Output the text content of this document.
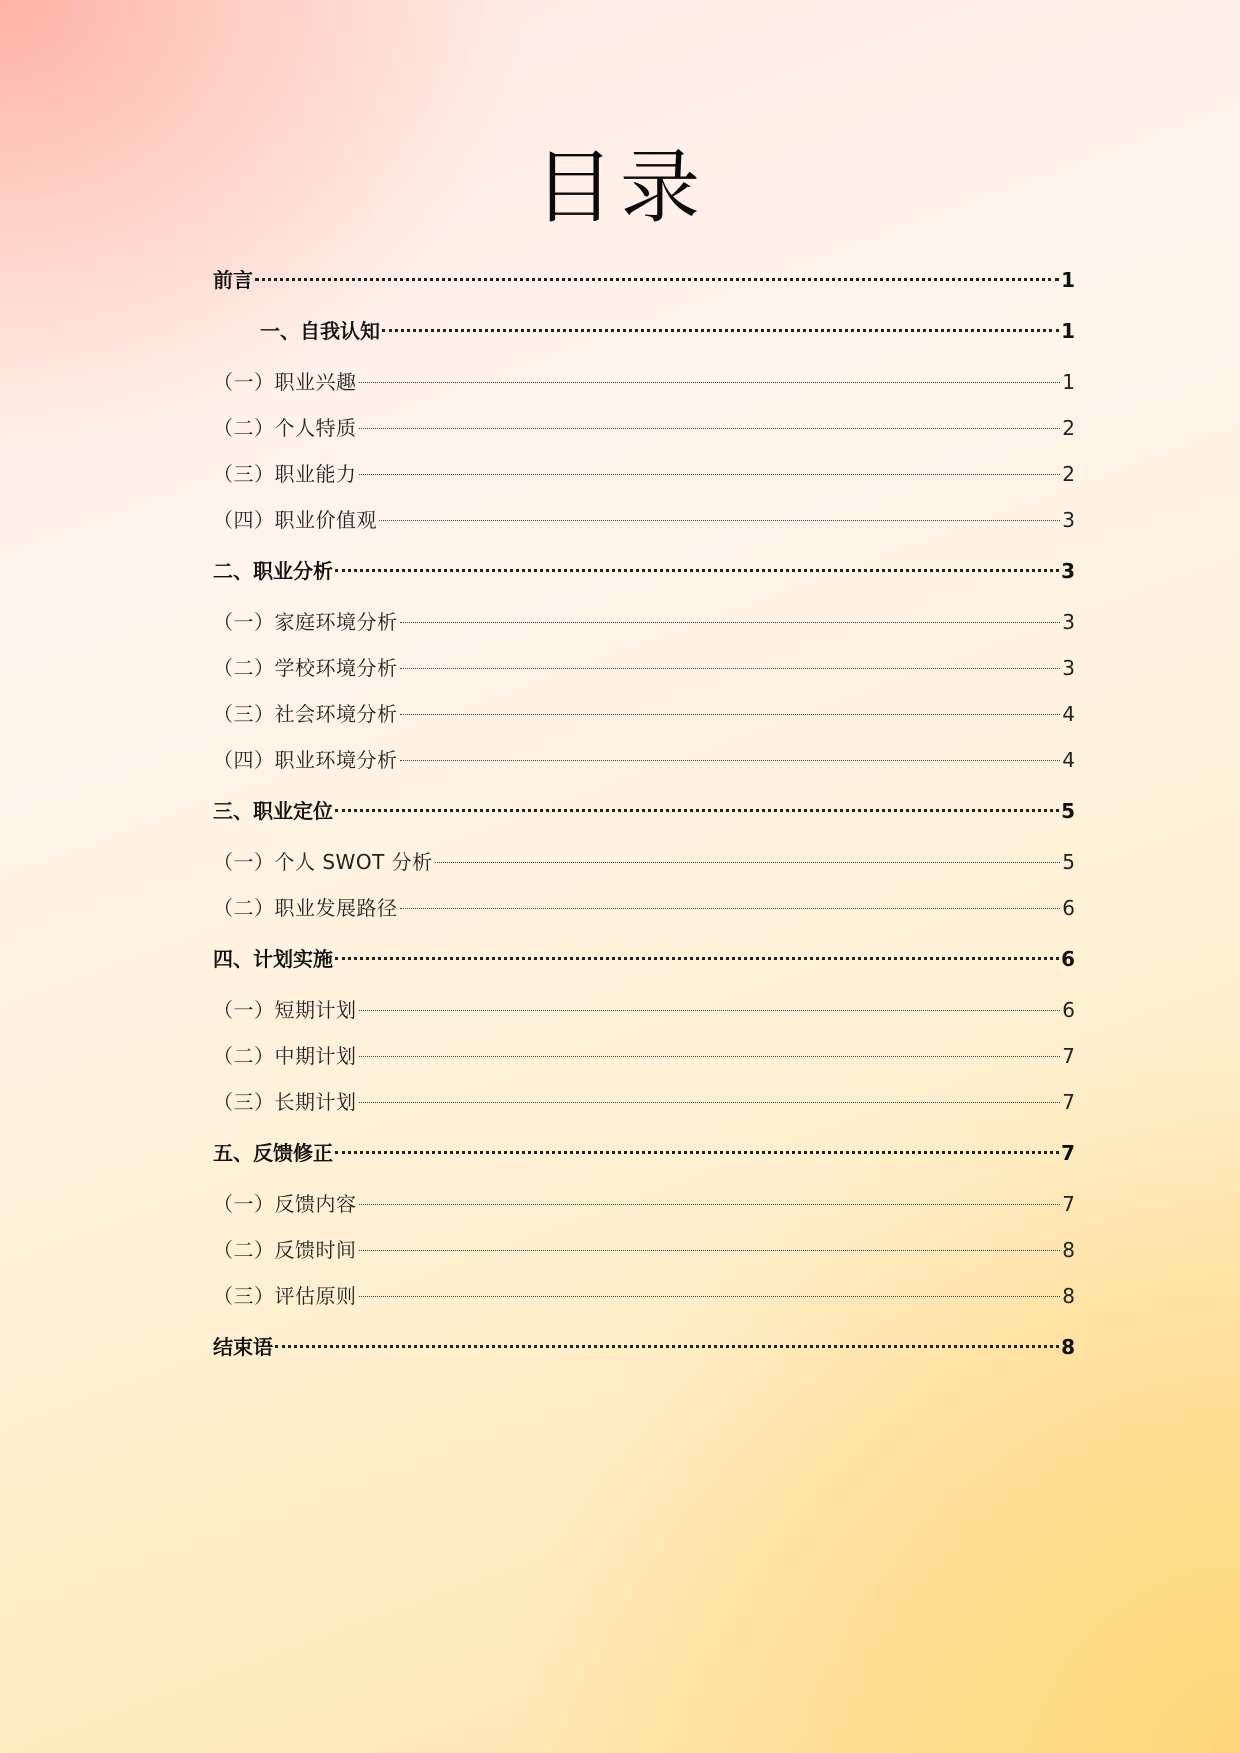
目录
前言	1
一、自我认知	1
（一）职业兴趣	1
（二）个人特质	2
（三）职业能力	2
（四）职业价值观	3
二、职业分析	3
（一）家庭环境分析	3
（二）学校环境分析	3
（三）社会环境分析	4
（四）职业环境分析	4
三、职业定位	5
（一）个人 SWOT 分析	5
（二）职业发展路径	6
四、计划实施	6
（一）短期计划	6
（二）中期计划	7
（三）长期计划	7
五、反馈修正	7
（一）反馈内容	7
（二）反馈时间	8
（三）评估原则	8
结束语	8
